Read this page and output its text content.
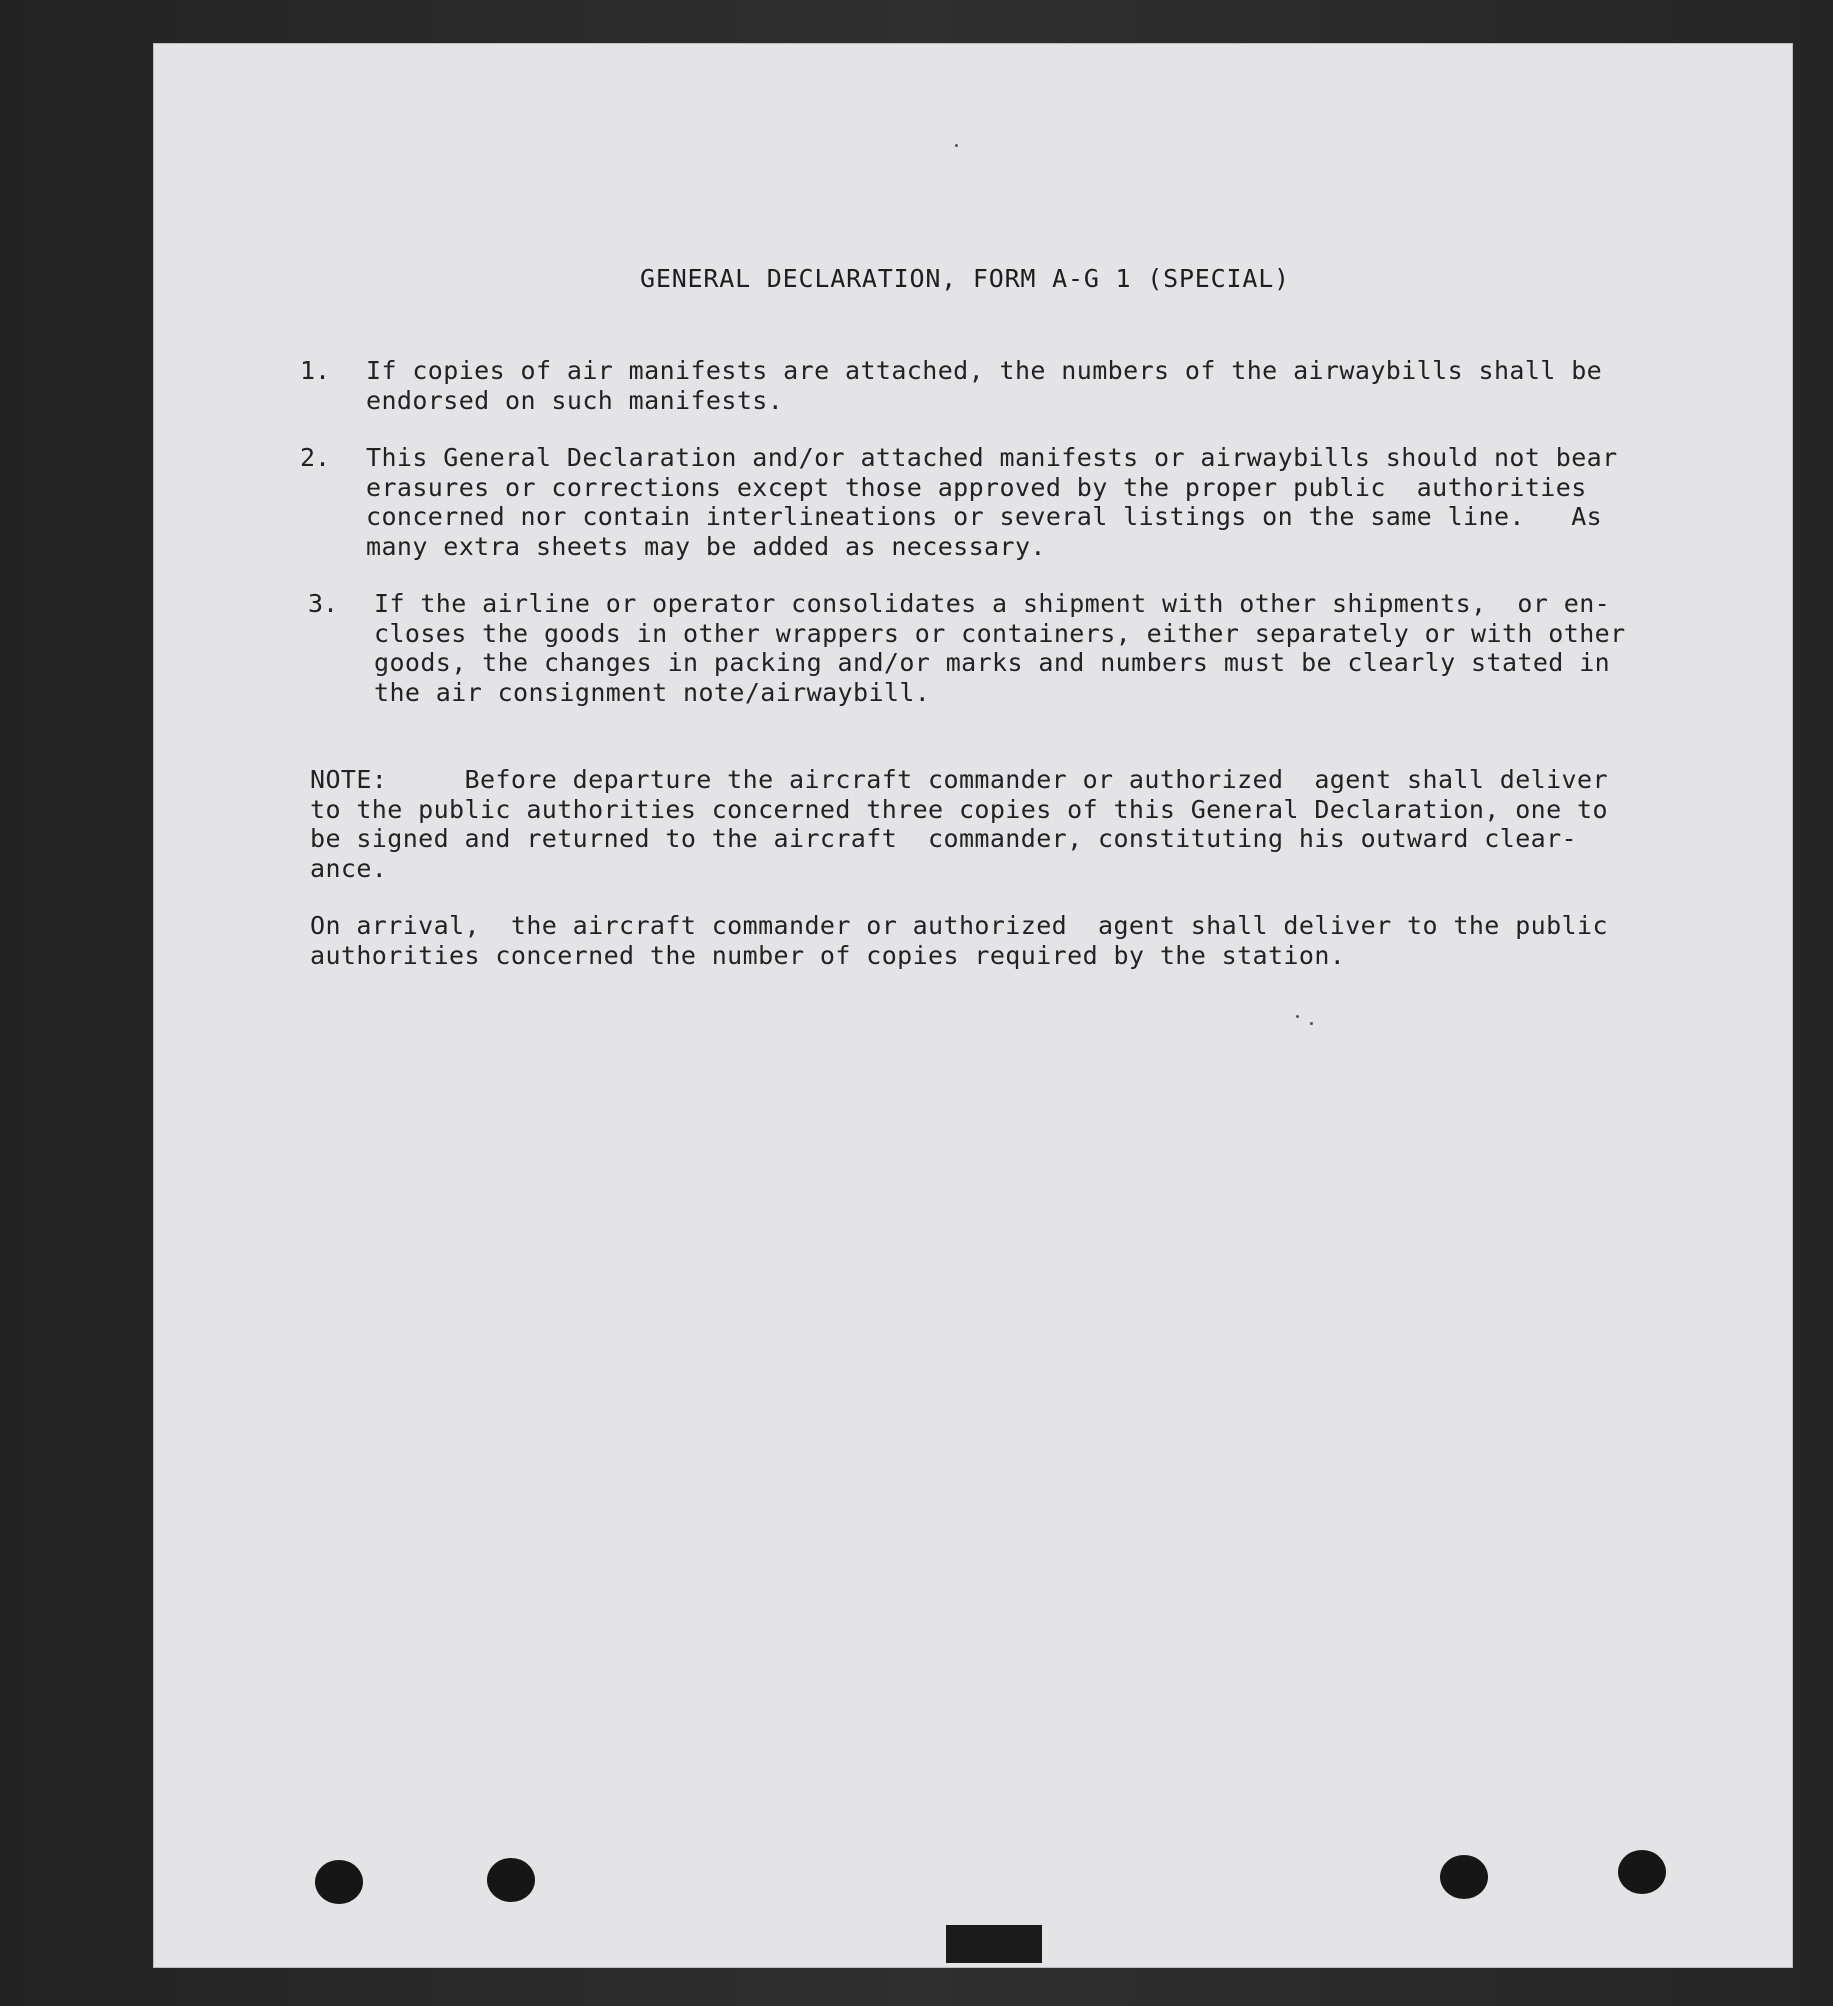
GENERAL DECLARATION, FORM A-G 1 (SPECIAL)
1. If copies of air manifests are attached, the numbers of the airwaybills shall be
endorsed on such manifests.
2. This General Declaration and/or attached manifests or airwaybills should not bear
erasures or corrections except those approved by the proper public  authorities
concerned nor contain interlineations or several listings on the same line.   As
many extra sheets may be added as necessary.
3. If the airline or operator consolidates a shipment with other shipments,  or en-
closes the goods in other wrappers or containers, either separately or with other
goods, the changes in packing and/or marks and numbers must be clearly stated in
the air consignment note/airwaybill.
NOTE:     Before departure the aircraft commander or authorized  agent shall deliver
to the public authorities concerned three copies of this General Declaration, one to
be signed and returned to the aircraft  commander, constituting his outward clear-
ance.
On arrival,  the aircraft commander or authorized  agent shall deliver to the public
authorities concerned the number of copies required by the station.
